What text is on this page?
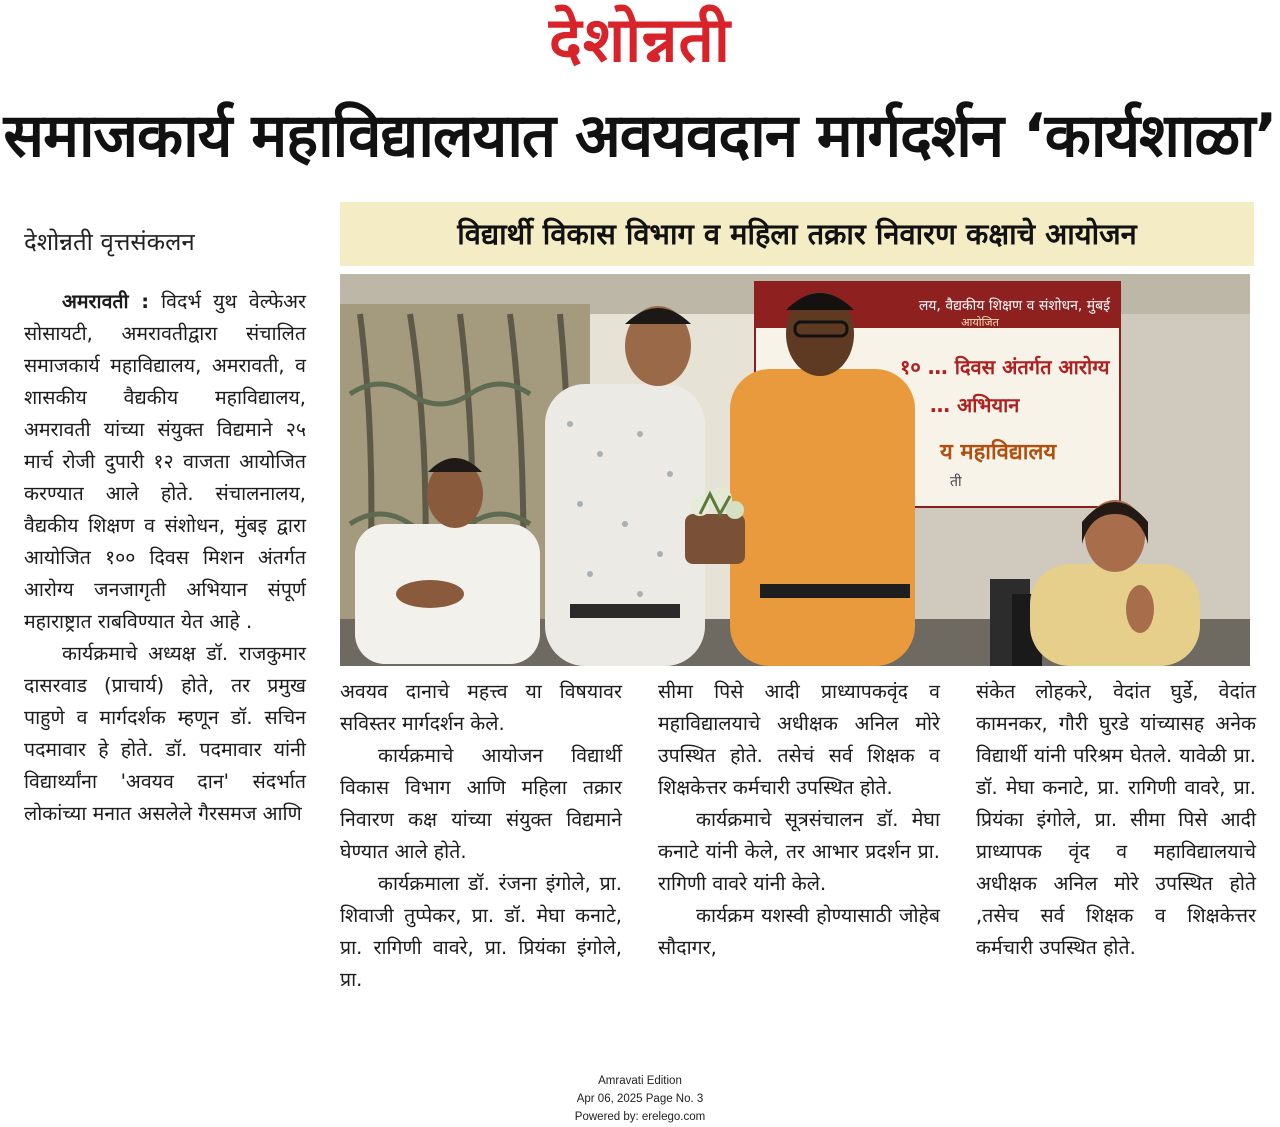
देशोन्नती
समाजकार्य महाविद्यालयात अवयवदान मार्गदर्शन ‘कार्यशाळा’
देशोन्नती वृत्तसंकलन	विद्यार्थी विकास विभाग व महिला तक्रार निवारण कक्षाचे आयोजन
लय, वैद्यकीय शिक्षण व संशोधन, मुंबई
आयोजित
१० … दिवस अंतर्गत आरोग्य
… अभियान
य महाविद्यालय
ती

अमरावती : विदर्भ युथ वेल्फेअर सोसायटी, अमरावतीद्वारा संचालित समाजकार्य महाविद्यालय, अमरावती, व शासकीय वैद्यकीय महाविद्यालय, अमरावती यांच्या संयुक्त विद्यमाने २५ मार्च रोजी दुपारी १२ वाजता आयोजित करण्यात आले होते. संचालनालय, वैद्यकीय शिक्षण व संशोधन, मुंबइ द्वारा आयोजित १०० दिवस मिशन अंतर्गत आरोग्य जनजागृती अभियान संपूर्ण महाराष्ट्रात राबविण्यात येत आहे .

कार्यक्रमाचे अध्यक्ष डॉ. राजकुमार दासरवाड (प्राचार्य) होते, तर प्रमुख पाहुणे व मार्गदर्शक म्हणून डॉ. सचिन पदमावार हे होते. डॉ. पदमावार यांनी विद्यार्थ्यांना 'अवयव दान' संदर्भात लोकांच्या मनात असलेले गैरसमज आणि

अवयव दानाचे महत्त्व या विषयावर सविस्तर मार्गदर्शन केले.

कार्यक्रमाचे आयोजन विद्यार्थी विकास विभाग आणि महिला तक्रार निवारण कक्ष यांच्या संयुक्त विद्यमाने घेण्यात आले होते.

कार्यक्रमाला डॉ. रंजना इंगोले, प्रा. शिवाजी तुप्पेकर, प्रा. डॉ. मेघा कनाटे, प्रा. रागिणी वावरे, प्रा. प्रियंका इंगोले, प्रा.

सीमा पिसे आदी प्राध्यापकवृंद व महाविद्यालयाचे अधीक्षक अनिल मोरे उपस्थित होते. तसेचं सर्व शिक्षक व शिक्षकेत्तर कर्मचारी उपस्थित होते.

कार्यक्रमाचे सूत्रसंचालन डॉ. मेघा कनाटे यांनी केले, तर आभार प्रदर्शन प्रा. रागिणी वावरे यांनी केले.

कार्यक्रम यशस्वी होण्यासाठी जोहेब सौदागर,

संकेत लोहकरे, वेदांत घुर्डे, वेदांत कामनकर, गौरी घुरडे यांच्यासह अनेक विद्यार्थी यांनी परिश्रम घेतले. यावेळी प्रा. डॉ. मेघा कनाटे, प्रा. रागिणी वावरे, प्रा. प्रियंका इंगोले, प्रा. सीमा पिसे आदी प्राध्यापक वृंद व महाविद्यालयाचे अधीक्षक अनिल मोरे उपस्थित होते ,तसेच सर्व शिक्षक व शिक्षकेत्तर कर्मचारी उपस्थित होते.

Amravati Edition
Apr 06, 2025 Page No. 3
Powered by: erelego.com
